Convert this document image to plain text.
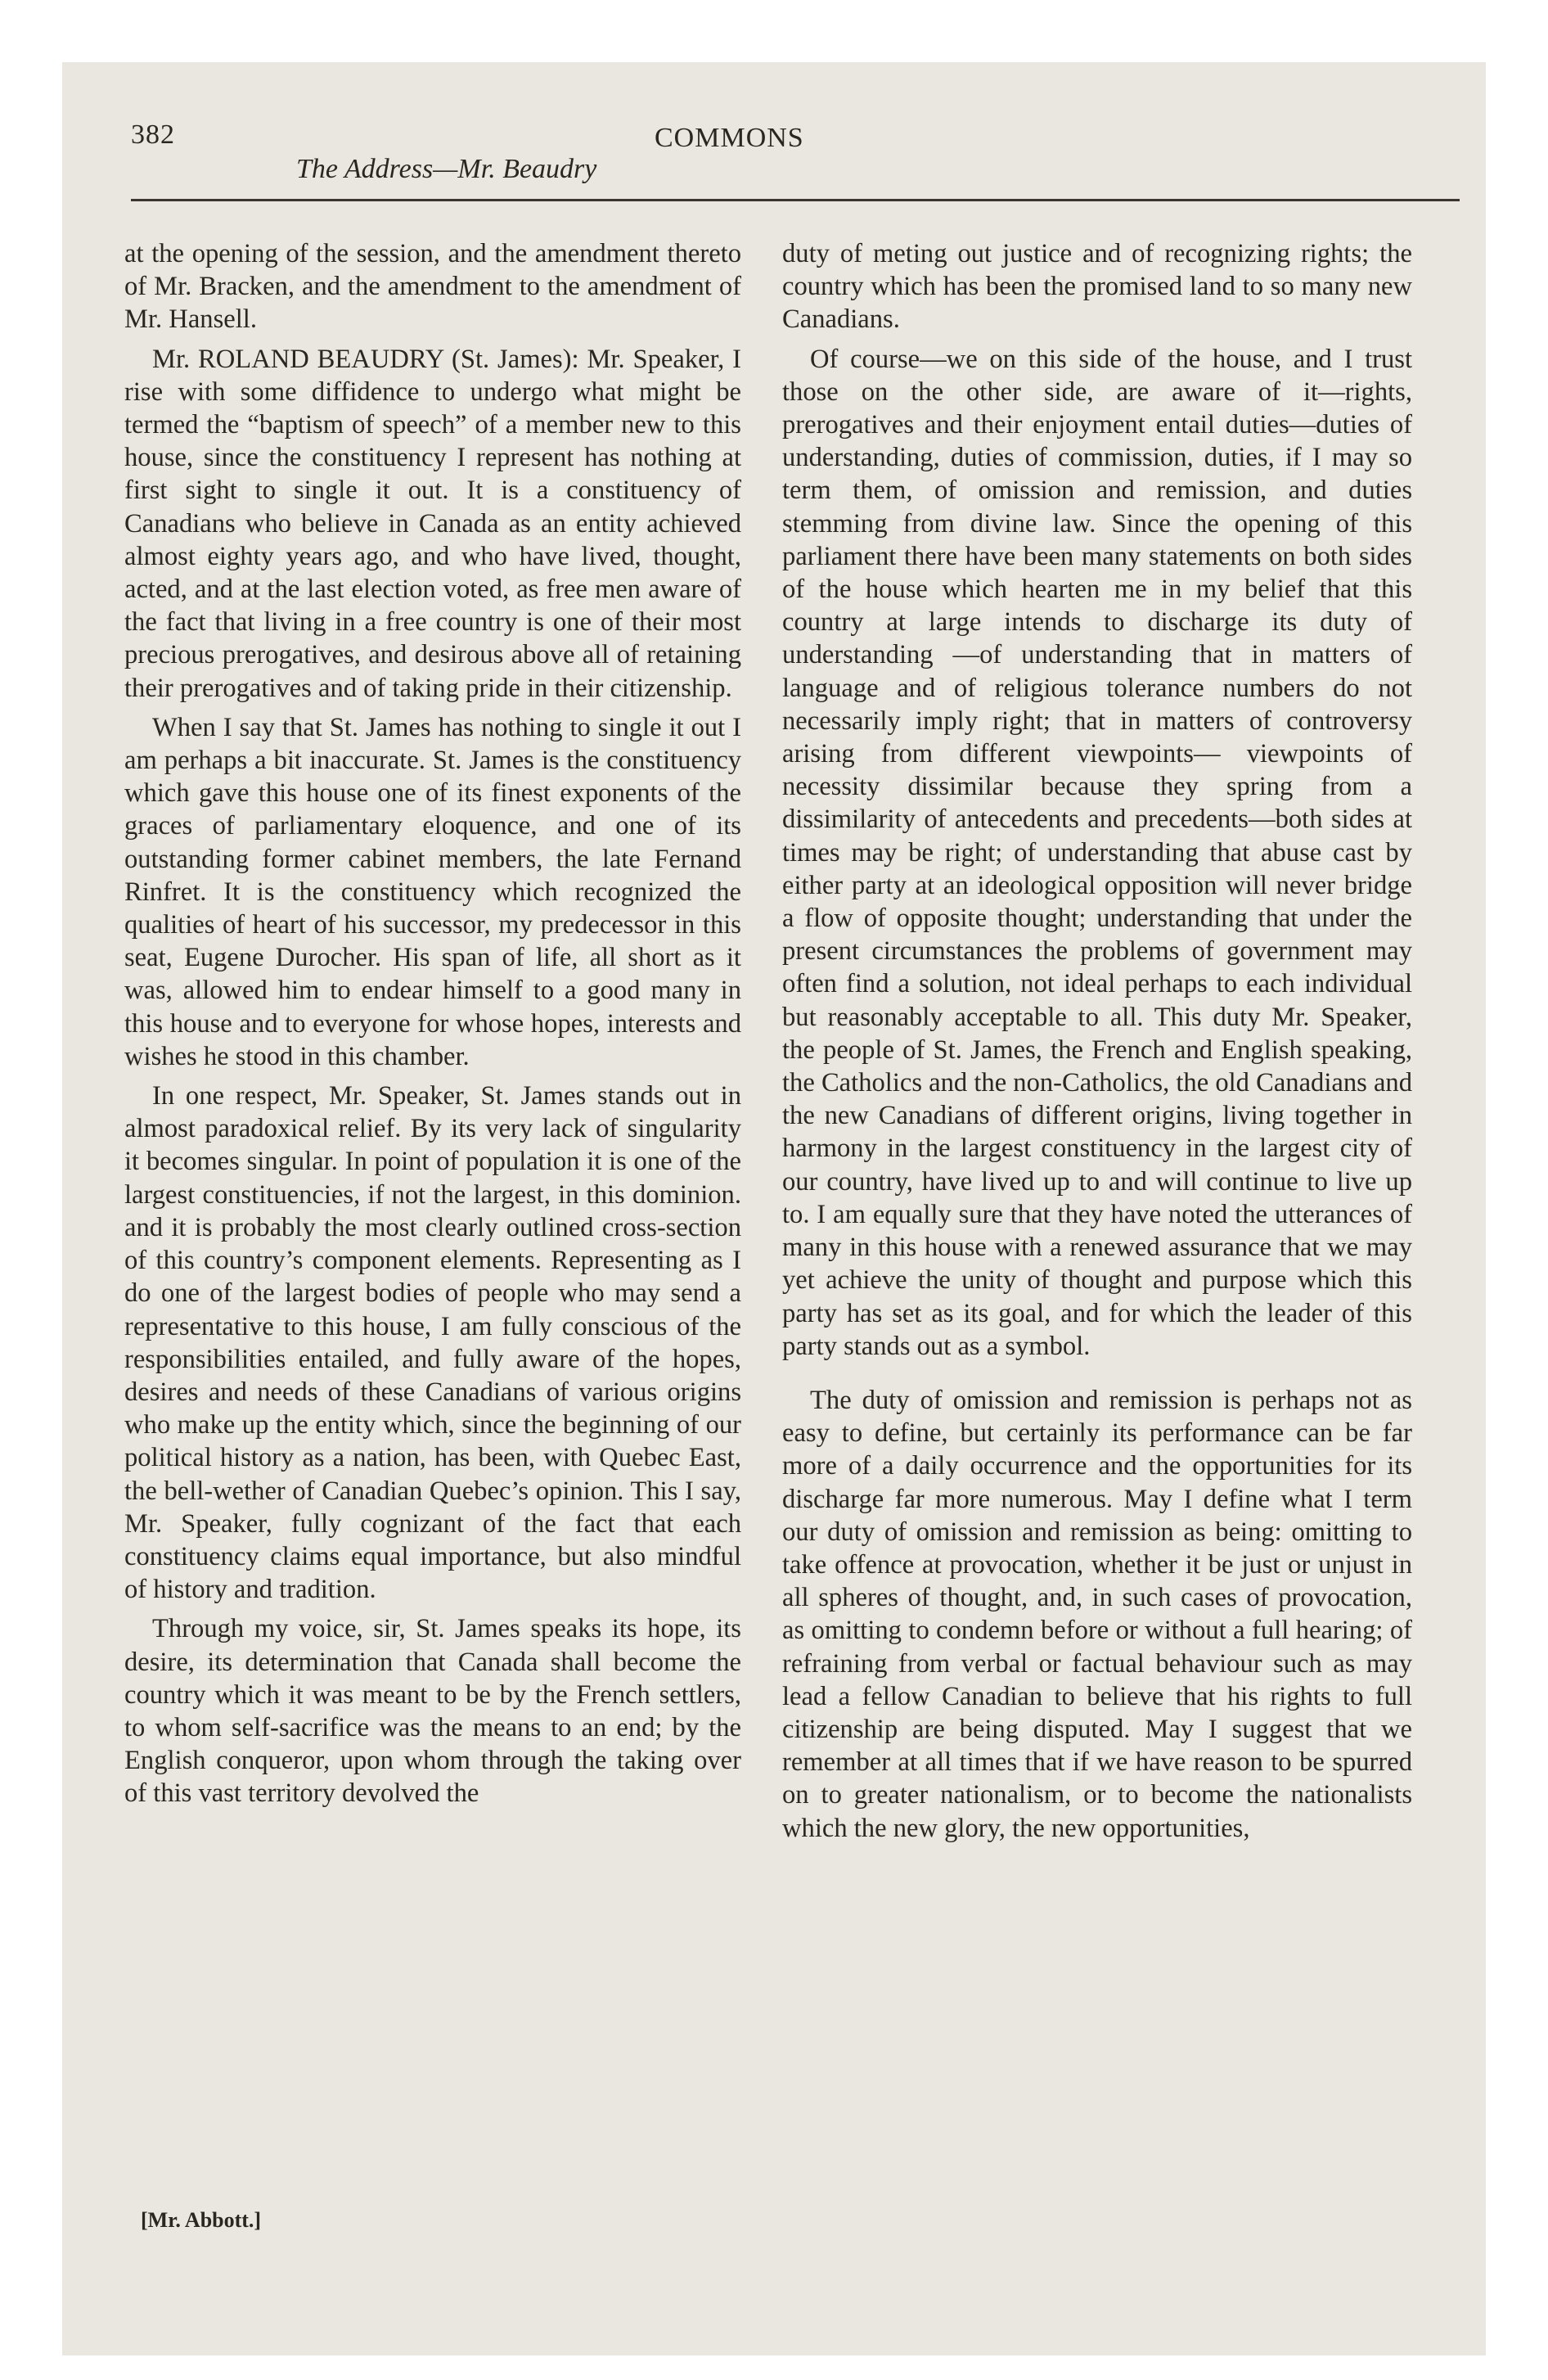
382	COMMONS
The Address—Mr. Beaudry

at the opening of the session, and the amendment thereto of Mr. Bracken, and the amendment to the amendment of Mr. Hansell.

Mr. ROLAND BEAUDRY (St. James): Mr. Speaker, I rise with some diffidence to undergo what might be termed the “baptism of speech” of a member new to this house, since the constituency I represent has nothing at first sight to single it out. It is a constituency of Canadians who believe in Canada as an entity achieved almost eighty years ago, and who have lived, thought, acted, and at the last election voted, as free men aware of the fact that living in a free country is one of their most precious prerogatives, and desirous above all of retaining their prerogatives and of taking pride in their citizenship.

When I say that St. James has nothing to single it out I am perhaps a bit inaccurate. St. James is the constituency which gave this house one of its finest exponents of the graces of parliamentary eloquence, and one of its outstanding former cabinet members, the late Fernand Rinfret. It is the constituency which recognized the qualities of heart of his successor, my predecessor in this seat, Eugene Durocher. His span of life, all short as it was, allowed him to endear himself to a good many in this house and to everyone for whose hopes, interests and wishes he stood in this chamber.

In one respect, Mr. Speaker, St. James stands out in almost paradoxical relief. By its very lack of singularity it becomes singular. In point of population it is one of the largest constituencies, if not the largest, in this dominion. and it is probably the most clearly outlined cross-section of this country’s component elements. Representing as I do one of the largest bodies of people who may send a representative to this house, I am fully conscious of the responsibilities entailed, and fully aware of the hopes, desires and needs of these Canadians of various origins who make up the entity which, since the beginning of our political history as a nation, has been, with Quebec East, the bell-wether of Canadian Quebec’s opinion. This I say, Mr. Speaker, fully cognizant of the fact that each constituency claims equal importance, but also mindful of history and tradition.

Through my voice, sir, St. James speaks its hope, its desire, its determination that Canada shall become the country which it was meant to be by the French settlers, to whom self-sacrifice was the means to an end; by the English conqueror, upon whom through the taking over of this vast territory devolved the

duty of meting out justice and of recognizing rights; the country which has been the promised land to so many new Canadians.

Of course—we on this side of the house, and I trust those on the other side, are aware of it—rights, prerogatives and their enjoyment entail duties—duties of understanding, duties of commission, duties, if I may so term them, of omission and remission, and duties stemming from divine law. Since the opening of this parliament there have been many statements on both sides of the house which hearten me in my belief that this country at large intends to discharge its duty of understanding —of understanding that in matters of language and of religious tolerance numbers do not necessarily imply right; that in matters of controversy arising from different viewpoints— viewpoints of necessity dissimilar because they spring from a dissimilarity of antecedents and precedents—both sides at times may be right; of understanding that abuse cast by either party at an ideological opposition will never bridge a flow of opposite thought; understanding that under the present circumstances the problems of government may often find a solution, not ideal perhaps to each individual but reasonably acceptable to all. This duty Mr. Speaker, the people of St. James, the French and English speaking, the Catholics and the non-Catholics, the old Canadians and the new Canadians of different origins, living together in harmony in the largest constituency in the largest city of our country, have lived up to and will continue to live up to. I am equally sure that they have noted the utterances of many in this house with a renewed assurance that we may yet achieve the unity of thought and purpose which this party has set as its goal, and for which the leader of this party stands out as a symbol.

The duty of omission and remission is perhaps not as easy to define, but certainly its performance can be far more of a daily occurrence and the opportunities for its discharge far more numerous. May I define what I term our duty of omission and remission as being: omitting to take offence at provocation, whether it be just or unjust in all spheres of thought, and, in such cases of provocation, as omitting to condemn before or without a full hearing; of refraining from verbal or factual behaviour such as may lead a fellow Canadian to believe that his rights to full citizenship are being disputed. May I suggest that we remember at all times that if we have reason to be spurred on to greater nationalism, or to become the nationalists which the new glory, the new opportunities,

[Mr. Abbott.]
